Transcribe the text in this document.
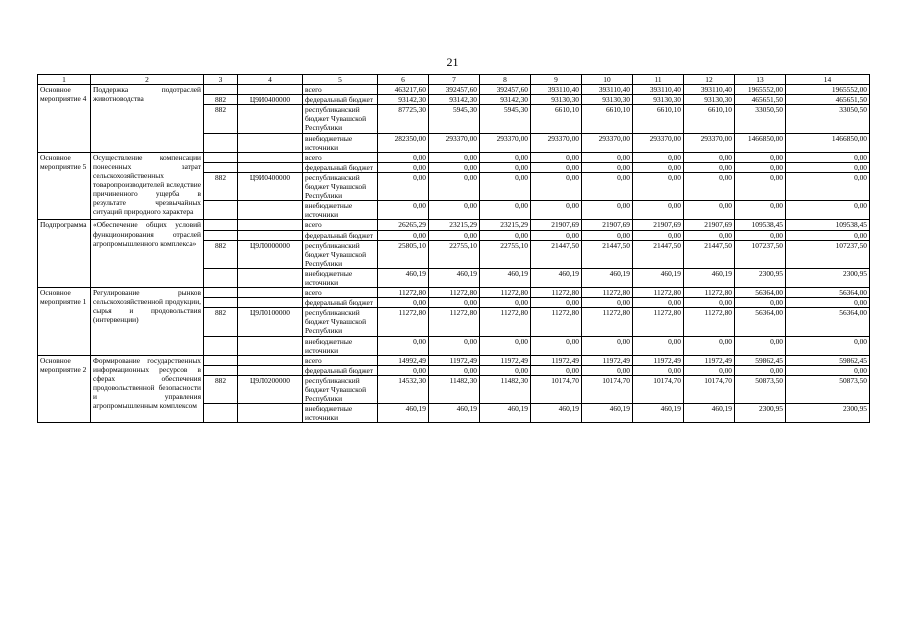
21
1	2	3	4	5	6	7	8	9	10	11	12	13	14
Основное мероприятие 4	Поддержка подотраслей животноводства			всего	463217,60	392457,60	392457,60	393110,40	393110,40	393110,40	393110,40	1965552,00	1965552,00
		882	Ц9И0400000	федеральный бюджет	93142,30	93142,30	93142,30	93130,30	93130,30	93130,30	93130,30	465651,50	465651,50
		882		республиканский бюджет Чувашской Республики	87725,30	5945,30	5945,30	6610,10	6610,10	6610,10	6610,10	33050,50	33050,50
				внебюджетные источники	282350,00	293370,00	293370,00	293370,00	293370,00	293370,00	293370,00	1466850,00	1466850,00
Основное мероприятие 5	Осуществление компенсации понесенных затрат сельскохозяйственных товаропроизводителей вследствие причиненного ущерба в результате чрезвычайных ситуаций природного характера			всего	0,00	0,00	0,00	0,00	0,00	0,00	0,00	0,00	0,00
				федеральный бюджет	0,00	0,00	0,00	0,00	0,00	0,00	0,00	0,00	0,00
		882	Ц9И0400000	республиканский бюджет Чувашской Республики	0,00	0,00	0,00	0,00	0,00	0,00	0,00	0,00	0,00
				внебюджетные источники	0,00	0,00	0,00	0,00	0,00	0,00	0,00	0,00	0,00
Подпрограмма	«Обеспечение общих условий функционирования отраслей агропромышленного комплекса»			всего	26265,29	23215,29	23215,29	21907,69	21907,69	21907,69	21907,69	109538,45	109538,45
				федеральный бюджет	0,00	0,00	0,00	0,00	0,00	0,00	0,00	0,00	0,00
		882	Ц9Л0000000	республиканский бюджет Чувашской Республики	25805,10	22755,10	22755,10	21447,50	21447,50	21447,50	21447,50	107237,50	107237,50
				внебюджетные источники	460,19	460,19	460,19	460,19	460,19	460,19	460,19	2300,95	2300,95
Основное мероприятие 1	Регулирование рынков сельскохозяйственной продукции, сырья и продовольствия (интервенции)			всего	11272,80	11272,80	11272,80	11272,80	11272,80	11272,80	11272,80	56364,00	56364,00
				федеральный бюджет	0,00	0,00	0,00	0,00	0,00	0,00	0,00	0,00	0,00
		882	Ц9Л0100000	республиканский бюджет Чувашской Республики	11272,80	11272,80	11272,80	11272,80	11272,80	11272,80	11272,80	56364,00	56364,00
				внебюджетные источники	0,00	0,00	0,00	0,00	0,00	0,00	0,00	0,00	0,00
Основное мероприятие 2	Формирование государственных информационных ресурсов в сферах обеспечения продовольственной безопасности и управления агропромышленным комплексом			всего	14992,49	11972,49	11972,49	11972,49	11972,49	11972,49	11972,49	59862,45	59862,45
				федеральный бюджет	0,00	0,00	0,00	0,00	0,00	0,00	0,00	0,00	0,00
		882	Ц9Л0200000	республиканский бюджет Чувашской Республики	14532,30	11482,30	11482,30	10174,70	10174,70	10174,70	10174,70	50873,50	50873,50
				внебюджетные источники	460,19	460,19	460,19	460,19	460,19	460,19	460,19	2300,95	2300,95
